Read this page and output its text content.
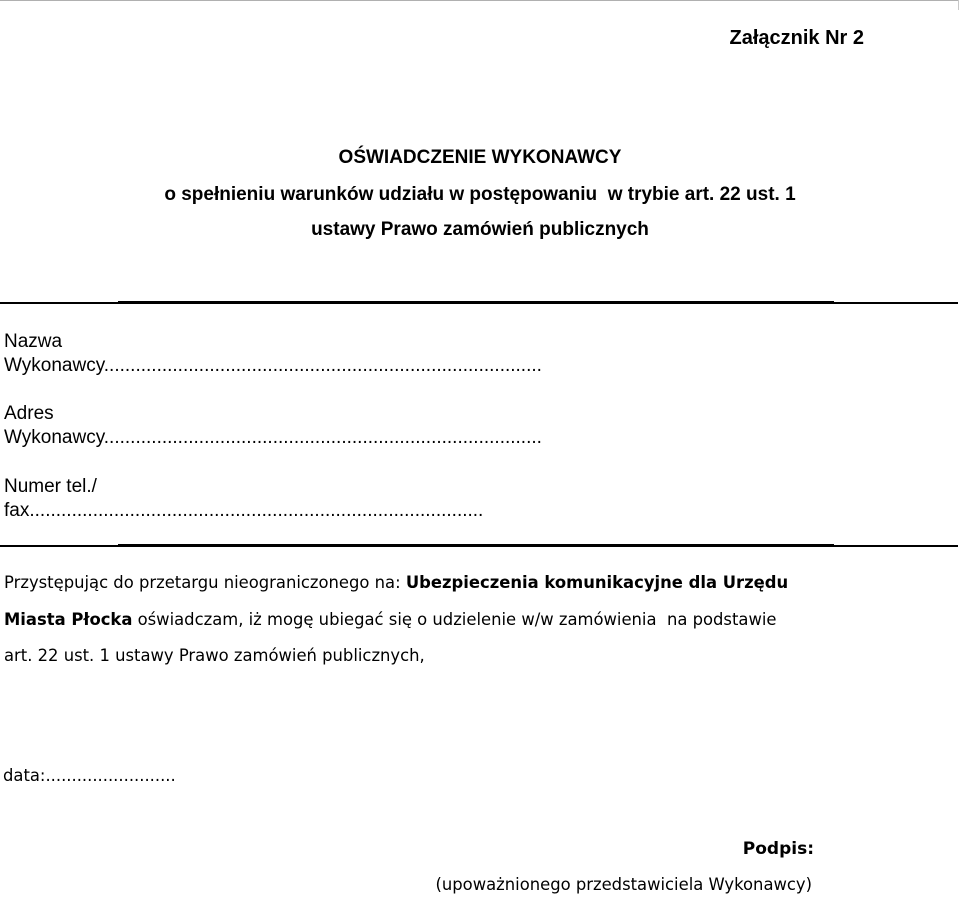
Załącznik Nr 2
OŚWIADCZENIE WYKONAWCY
o spełnieniu warunków udziału w postępowaniu  w trybie art. 22 ust. 1
ustawy Prawo zamówień publicznych
Nazwa
Wykonawcy...................................................................................
Adres
Wykonawcy...................................................................................
Numer tel./
fax......................................................................................
Przystępując do przetargu nieograniczonego na: Ubezpieczenia komunikacyjne dla Urzędu
Miasta Płocka oświadczam, iż mogę ubiegać się o udzielenie w/w zamówienia  na podstawie
art. 22 ust. 1 ustawy Prawo zamówień publicznych,
data:.........................
Podpis:
(upoważnionego przedstawiciela Wykonawcy)
